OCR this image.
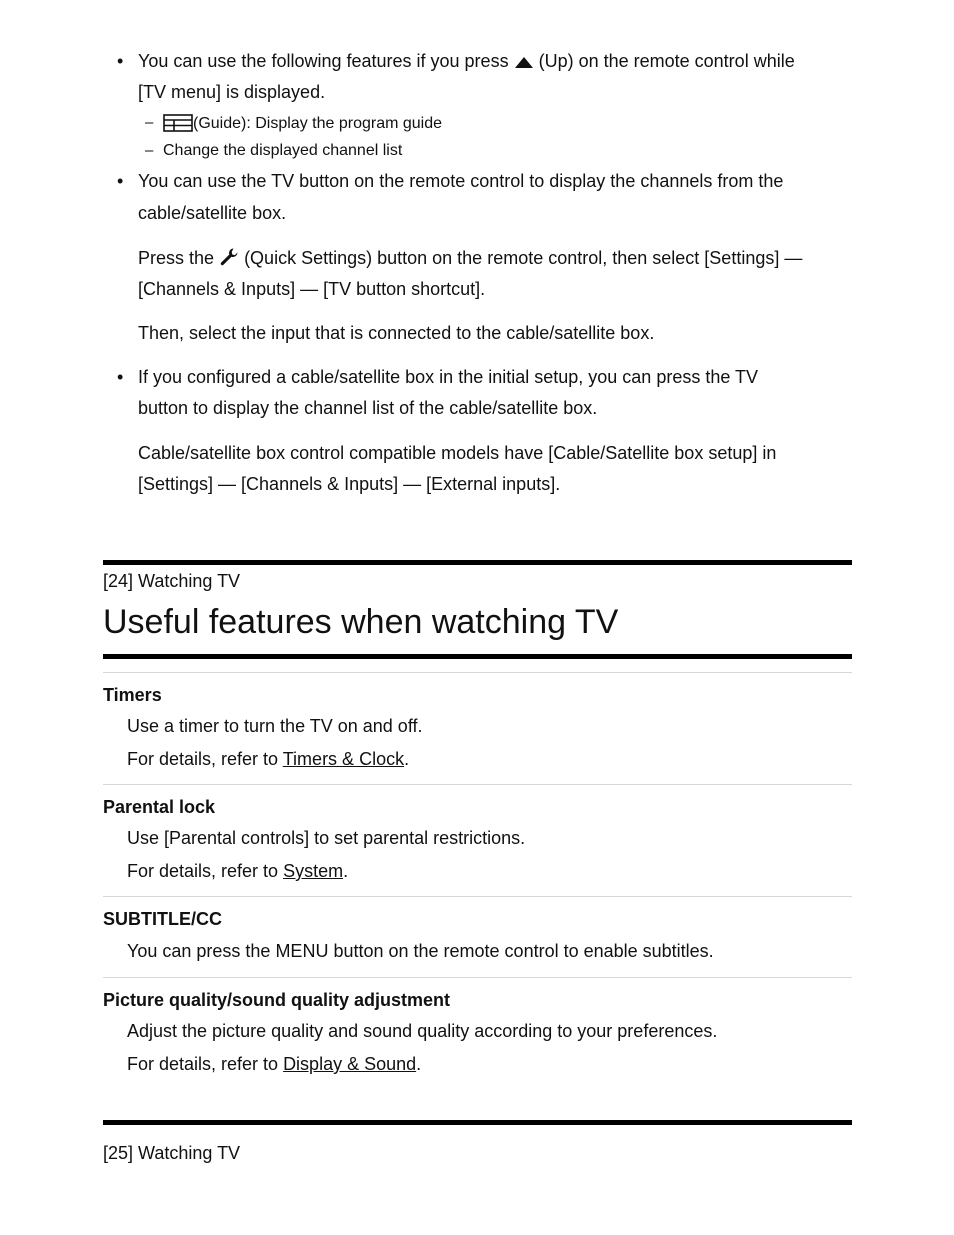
• You can use the following features if you press  (Up) on the remote control while
[TV menu] is displayed.
–	(Guide): Display the program guide
– Change the displayed channel list
• You can use the TV button on the remote control to display the channels from the
cable/satellite box.
Press the  (Quick Settings) button on the remote control, then select [Settings] —
[Channels & Inputs] — [TV button shortcut].
Then, select the input that is connected to the cable/satellite box.
• If you configured a cable/satellite box in the initial setup, you can press the TV
button to display the channel list of the cable/satellite box.
Cable/satellite box control compatible models have [Cable/Satellite box setup] in
[Settings] — [Channels & Inputs] — [External inputs].
[24] Watching TV
Useful features when watching TV
Timers
Use a timer to turn the TV on and off.
For details, refer to Timers & Clock.
Parental lock
Use [Parental controls] to set parental restrictions.
For details, refer to System.
SUBTITLE/CC
You can press the MENU button on the remote control to enable subtitles.
Picture quality/sound quality adjustment
Adjust the picture quality and sound quality according to your preferences.
For details, refer to Display & Sound.
[25] Watching TV
